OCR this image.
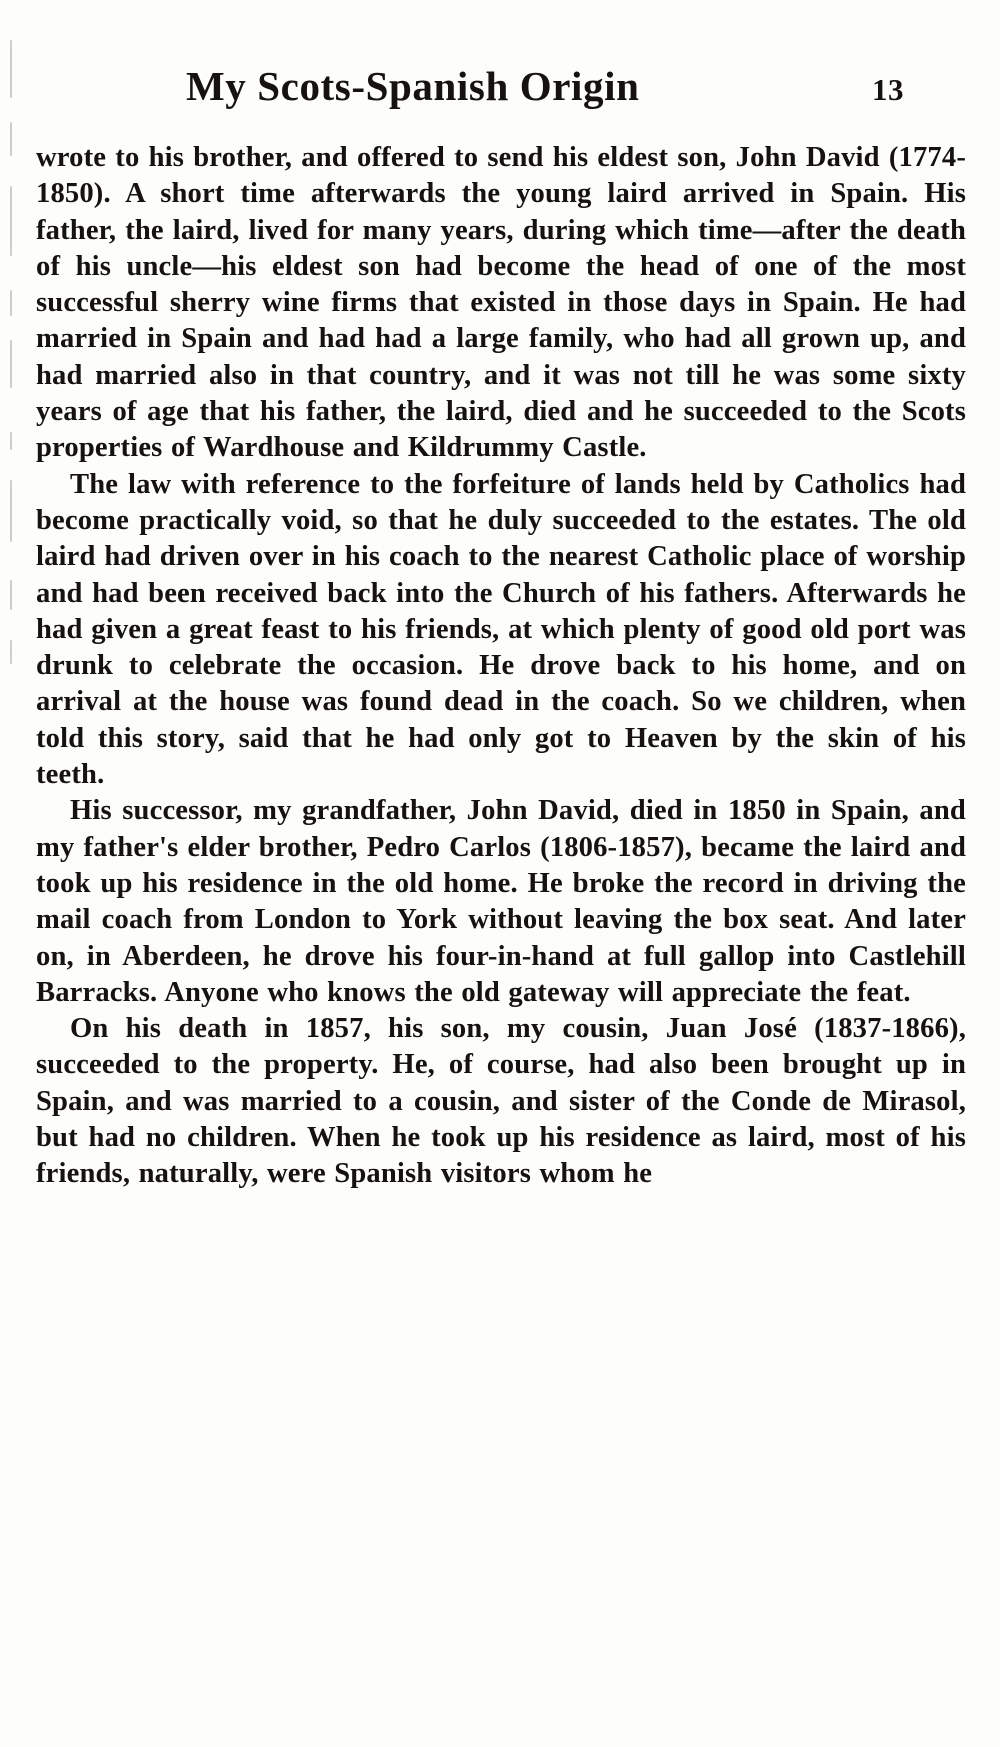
My Scots-Spanish Origin	13

wrote to his brother, and offered to send his eldest son, John David (1774-1850). A short time afterwards the young laird arrived in Spain. His father, the laird, lived for many years, during which time—after the death of his uncle—his eldest son had become the head of one of the most successful sherry wine firms that existed in those days in Spain. He had married in Spain and had had a large family, who had all grown up, and had married also in that country, and it was not till he was some sixty years of age that his father, the laird, died and he succeeded to the Scots properties of Wardhouse and Kildrummy Castle.

The law with reference to the forfeiture of lands held by Catholics had become practically void, so that he duly succeeded to the estates. The old laird had driven over in his coach to the nearest Catholic place of worship and had been received back into the Church of his fathers. Afterwards he had given a great feast to his friends, at which plenty of good old port was drunk to celebrate the occasion. He drove back to his home, and on arrival at the house was found dead in the coach. So we children, when told this story, said that he had only got to Heaven by the skin of his teeth.

His successor, my grandfather, John David, died in 1850 in Spain, and my father's elder brother, Pedro Carlos (1806-1857), became the laird and took up his residence in the old home. He broke the record in driving the mail coach from London to York without leaving the box seat. And later on, in Aberdeen, he drove his four-in-hand at full gallop into Castlehill Barracks. Anyone who knows the old gateway will appreciate the feat.

On his death in 1857, his son, my cousin, Juan José (1837-1866), succeeded to the property. He, of course, had also been brought up in Spain, and was married to a cousin, and sister of the Conde de Mirasol, but had no children. When he took up his residence as laird, most of his friends, naturally, were Spanish visitors whom he
